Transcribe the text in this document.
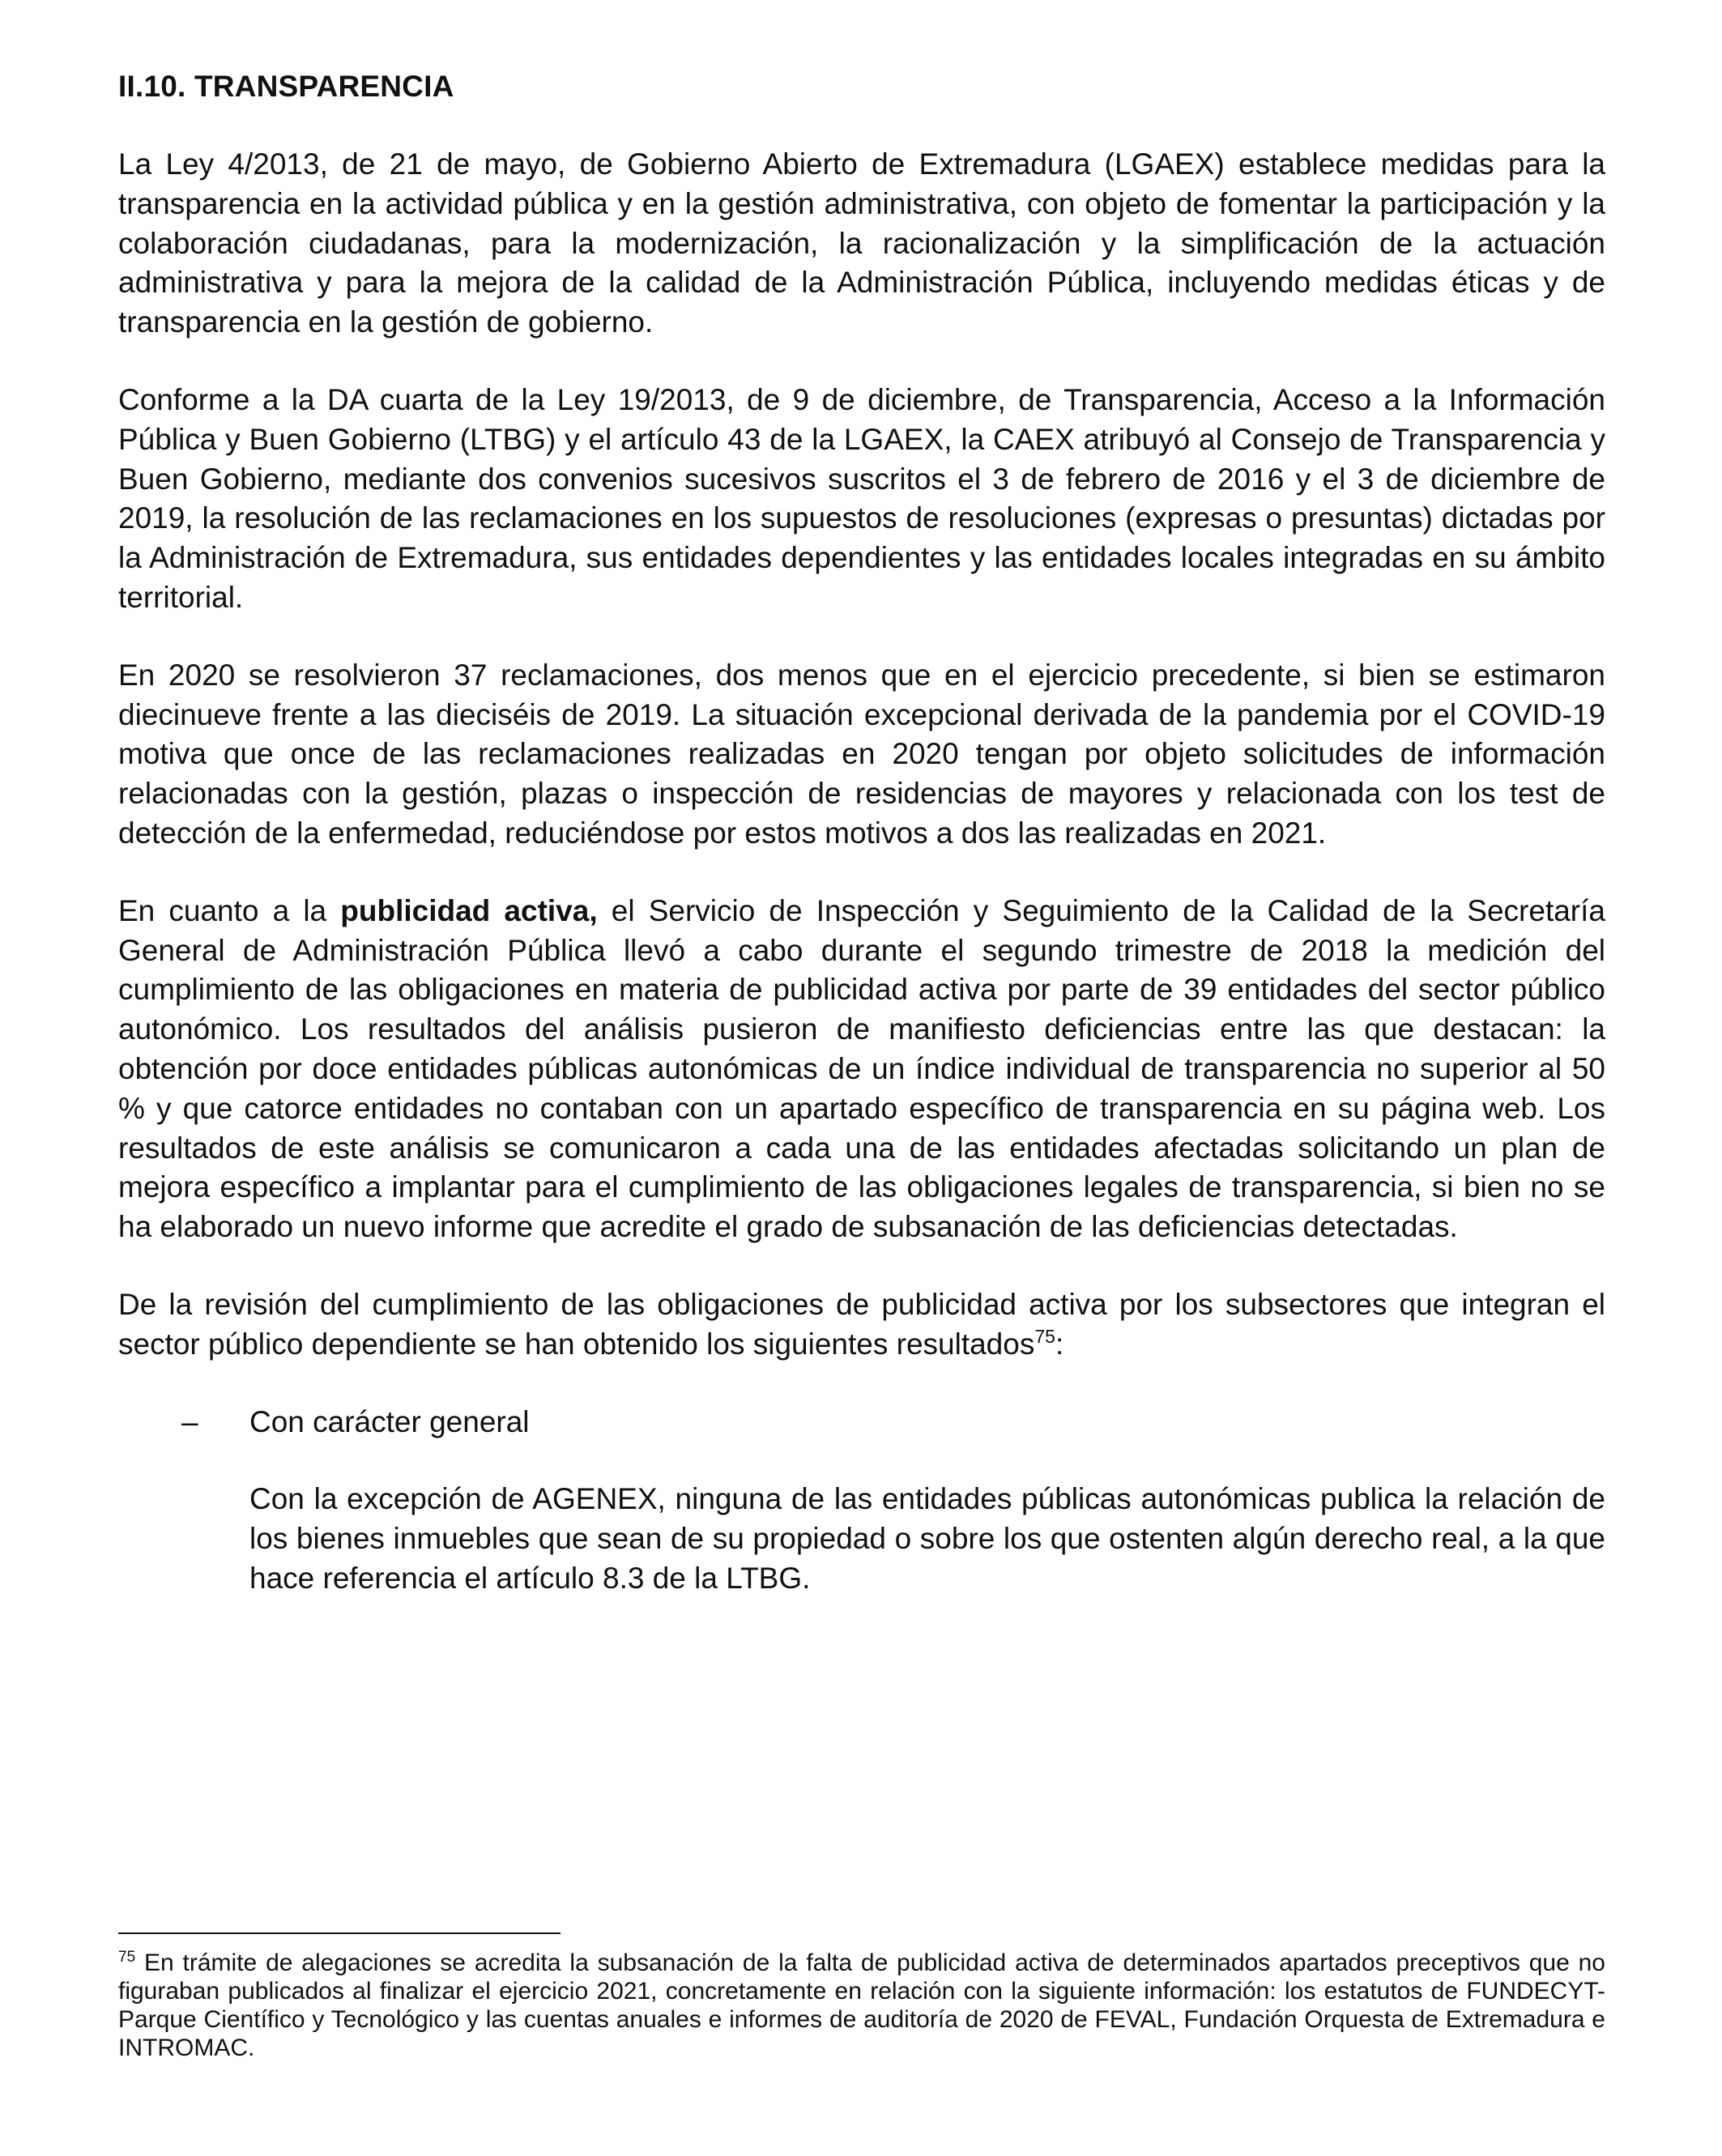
II.10. TRANSPARENCIA

La Ley 4/2013, de 21 de mayo, de Gobierno Abierto de Extremadura (LGAEX) establece medidas para la transparencia en la actividad pública y en la gestión administrativa, con objeto de fomentar la participación y la colaboración ciudadanas, para la modernización, la racionalización y la simplificación de la actuación administrativa y para la mejora de la calidad de la Administración Pública, incluyendo medidas éticas y de transparencia en la gestión de gobierno.

Conforme a la DA cuarta de la Ley 19/2013, de 9 de diciembre, de Transparencia, Acceso a la Información Pública y Buen Gobierno (LTBG) y el artículo 43 de la LGAEX, la CAEX atribuyó al Consejo de Transparencia y Buen Gobierno, mediante dos convenios sucesivos suscritos el 3 de febrero de 2016 y el 3 de diciembre de 2019, la resolución de las reclamaciones en los supuestos de resoluciones (expresas o presuntas) dictadas por la Administración de Extremadura, sus entidades dependientes y las entidades locales integradas en su ámbito territorial.

En 2020 se resolvieron 37 reclamaciones, dos menos que en el ejercicio precedente, si bien se estimaron diecinueve frente a las dieciséis de 2019. La situación excepcional derivada de la pandemia por el COVID-19 motiva que once de las reclamaciones realizadas en 2020 tengan por objeto solicitudes de información relacionadas con la gestión, plazas o inspección de residencias de mayores y relacionada con los test de detección de la enfermedad, reduciéndose por estos motivos a dos las realizadas en 2021.

En cuanto a la publicidad activa, el Servicio de Inspección y Seguimiento de la Calidad de la Secretaría General de Administración Pública llevó a cabo durante el segundo trimestre de 2018 la medición del cumplimiento de las obligaciones en materia de publicidad activa por parte de 39 entidades del sector público autonómico. Los resultados del análisis pusieron de manifiesto deficiencias entre las que destacan: la obtención por doce entidades públicas autonómicas de un índice individual de transparencia no superior al 50 % y que catorce entidades no contaban con un apartado específico de transparencia en su página web. Los resultados de este análisis se comunicaron a cada una de las entidades afectadas solicitando un plan de mejora específico a implantar para el cumplimiento de las obligaciones legales de transparencia, si bien no se ha elaborado un nuevo informe que acredite el grado de subsanación de las deficiencias detectadas.

De la revisión del cumplimiento de las obligaciones de publicidad activa por los subsectores que integran el sector público dependiente se han obtenido los siguientes resultados$^{75}$:

– Con carácter general

Con la excepción de AGENEX, ninguna de las entidades públicas autonómicas publica la relación de los bienes inmuebles que sean de su propiedad o sobre los que ostenten algún derecho real, a la que hace referencia el artículo 8.3 de la LTBG.

$^{75}$ En trámite de alegaciones se acredita la subsanación de la falta de publicidad activa de determinados apartados preceptivos que no figuraban publicados al finalizar el ejercicio 2021, concretamente en relación con la siguiente información: los estatutos de FUNDECYT- Parque Científico y Tecnológico y las cuentas anuales e informes de auditoría de 2020 de FEVAL, Fundación Orquesta de Extremadura e INTROMAC.
